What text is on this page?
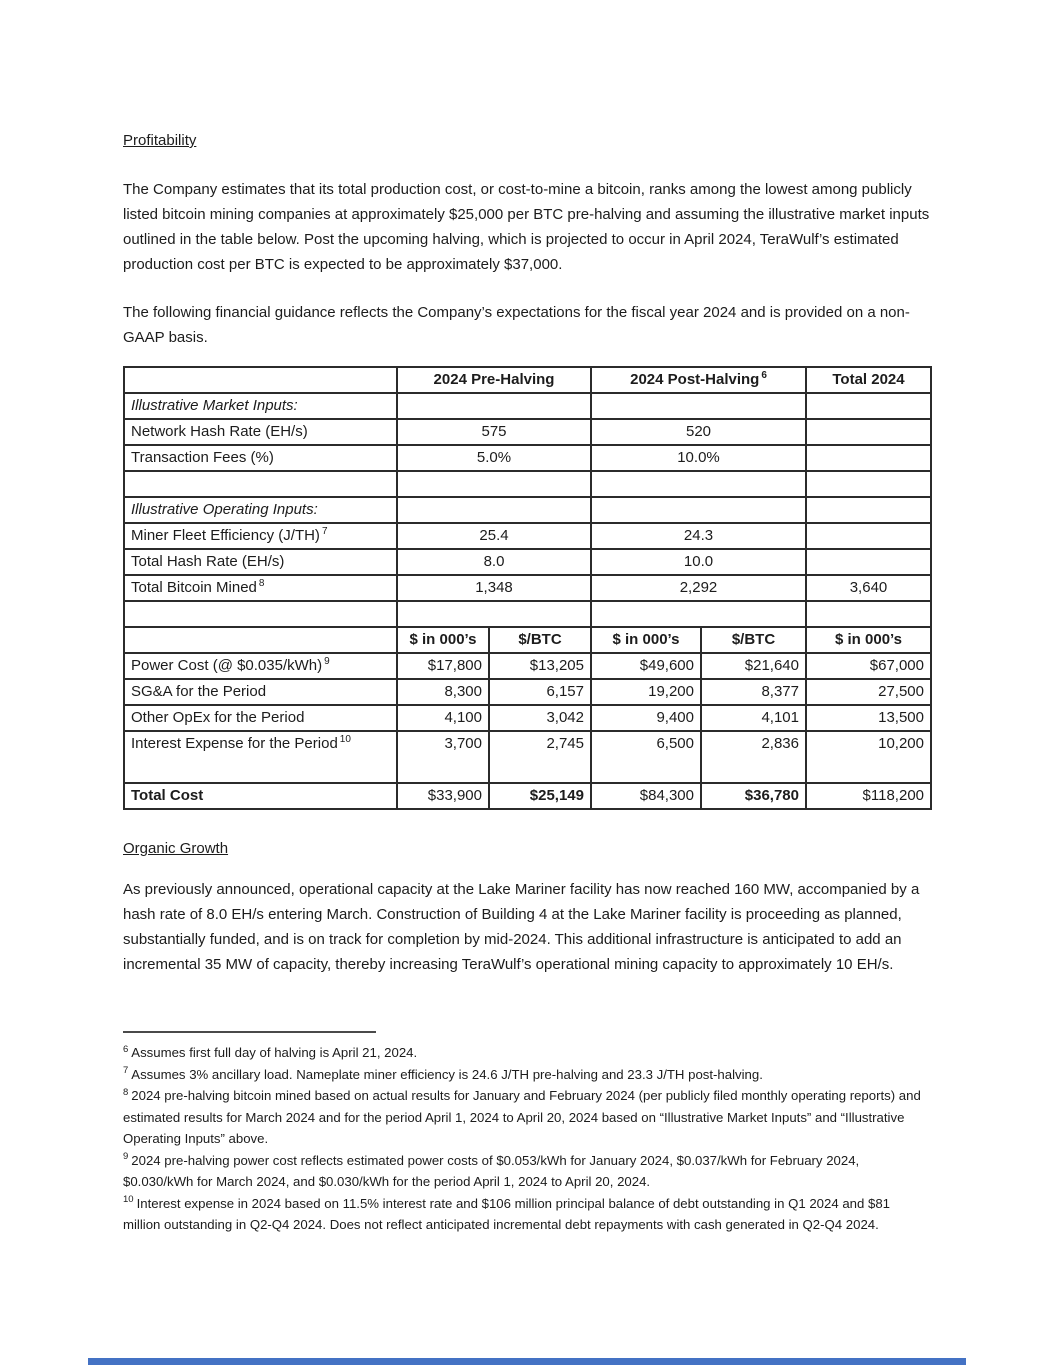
Profitability

The Company estimates that its total production cost, or cost-to-mine a bitcoin, ranks among the lowest among publicly listed bitcoin mining companies at approximately $25,000 per BTC pre-halving and assuming the illustrative market inputs outlined in the table below. Post the upcoming halving, which is projected to occur in April 2024, TeraWulf’s estimated production cost per BTC is expected to be approximately $37,000.

The following financial guidance reflects the Company’s expectations for the fiscal year 2024 and is provided on a non-GAAP basis.

	2024 Pre-Halving		2024 Post-Halving $^6$		Total 2024
Illustrative Market Inputs:					
Network Hash Rate (EH/s)	575		520		
Transaction Fees (%)	5.0%		10.0%		

Illustrative Operating Inputs:					
Miner Fleet Efficiency (J/TH) $^7$	25.4		24.3		
Total Hash Rate (EH/s)	8.0		10.0		
Total Bitcoin Mined $^8$	1,348		2,292		3,640

	$ in 000’s	$/BTC	$ in 000’s	$/BTC	$ in 000’s
Power Cost (@ $0.035/kWh) $^9$	$17,800	$13,205	$49,600	$21,640	$67,000
SG&A for the Period	8,300	6,157	19,200	8,377	27,500
Other OpEx for the Period	4,100	3,042	9,400	4,101	13,500
Interest Expense for the Period $^{10}$	3,700	2,745	6,500	2,836	10,200
Total Cost	$33,900	$25,149	$84,300	$36,780	$118,200
Organic Growth

As previously announced, operational capacity at the Lake Mariner facility has now reached 160 MW, accompanied by a hash rate of 8.0 EH/s entering March. Construction of Building 4 at the Lake Mariner facility is proceeding as planned, substantially funded, and is on track for completion by mid-2024. This additional infrastructure is anticipated to add an incremental 35 MW of capacity, thereby increasing TeraWulf’s operational mining capacity to approximately 10 EH/s.

$^6$ Assumes first full day of halving is April 21, 2024.

$^7$ Assumes 3% ancillary load. Nameplate miner efficiency is 24.6 J/TH pre-halving and 23.3 J/TH post-halving.

$^8$ 2024 pre-halving bitcoin mined based on actual results for January and February 2024 (per publicly filed monthly operating reports) and estimated results for March 2024 and for the period April 1, 2024 to April 20, 2024 based on “Illustrative Market Inputs” and “Illustrative Operating Inputs” above.

$^9$ 2024 pre-halving power cost reflects estimated power costs of $0.053/kWh for January 2024, $0.037/kWh for February 2024, $0.030/kWh for March 2024, and $0.030/kWh for the period April 1, 2024 to April 20, 2024.

$^{10}$ Interest expense in 2024 based on 11.5% interest rate and $106 million principal balance of debt outstanding in Q1 2024 and $81 million outstanding in Q2-Q4 2024. Does not reflect anticipated incremental debt repayments with cash generated in Q2-Q4 2024.
